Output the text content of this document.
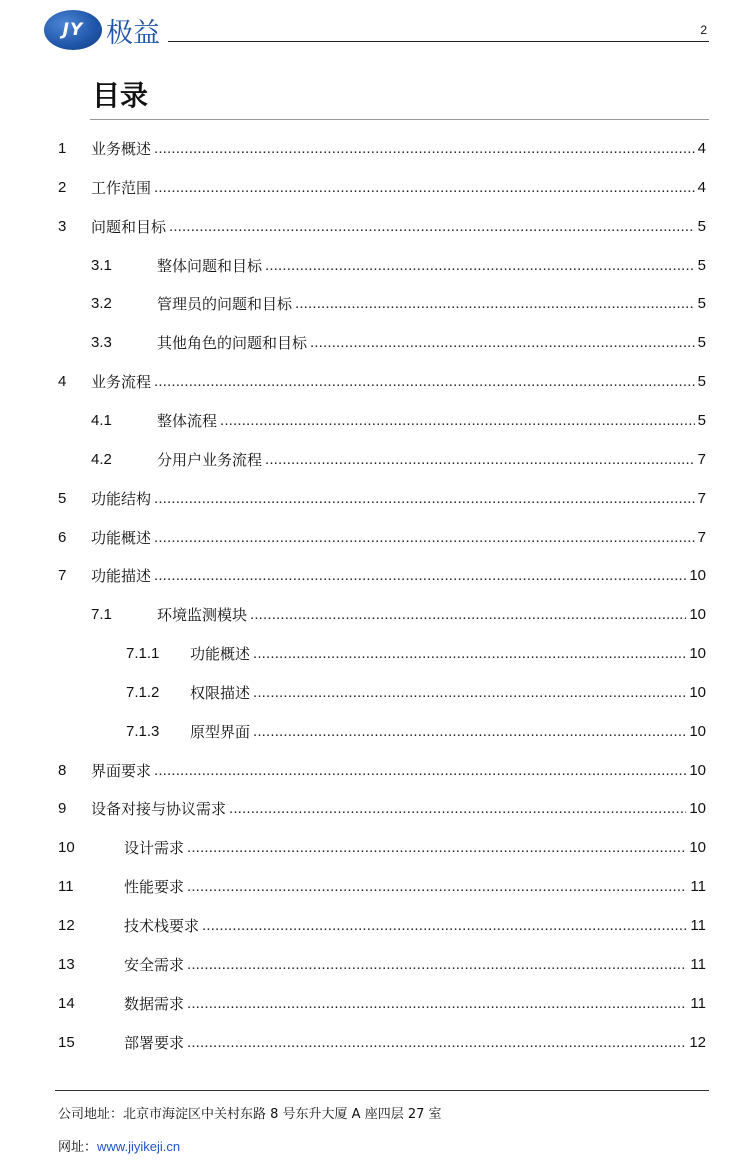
JY 极益	2
目录
1	业务概述 . . .	4
2	工作范围 . . .	4
3	问题和目标 . . .	5
3.1	整体问题和目标 . . .	5
3.2	管理员的问题和目标 . . .	5
3.3	其他角色的问题和目标 . . .	5
4	业务流程 . . .	5
4.1	整体流程 . . .	5
4.2	分用户业务流程 . . .	7
5	功能结构 . . .	7
6	功能概述 . . .	7
7	功能描述 . . .	10
7.1	环境监测模块 . . .	10
7.1.1	功能概述 . . .	10
7.1.2	权限描述 . . .	10
7.1.3	原型界面 . . .	10
8	界面要求 . . .	10
9	设备对接与协议需求 . . .	10
10	设计需求 . . .	10
11	性能要求 . . .	11
12	技术栈要求 . . .	11
13	安全需求 . . .	11
14	数据需求 . . .	11
15	部署要求 . . .	12
公司地址：北京市海淀区中关村东路 8 号东升大厦 A 座四层 27 室
网址：www.jiyikeji.cn
